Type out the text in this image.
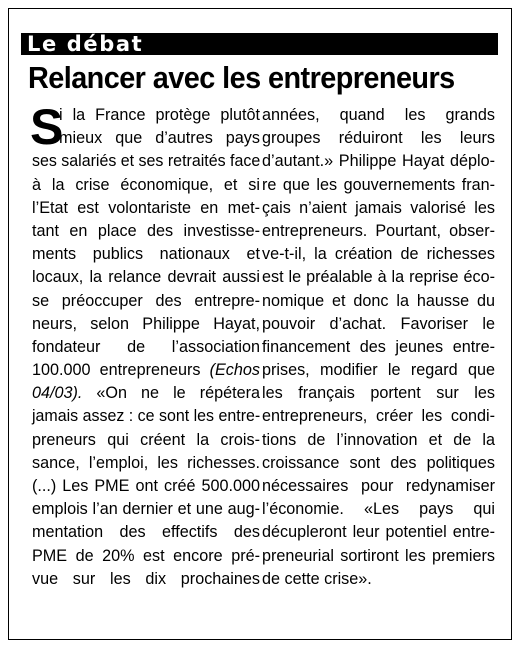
Le débat
Relancer avec les entrepreneurs
S
i la France protège plutôt
mieux que d’autres pays
ses salariés et ses retraités face
à la crise économique, et si
l’Etat est volontariste en met-
tant en place des investisse-
ments publics nationaux et
locaux, la relance devrait aussi
se préoccuper des entrepre-
neurs, selon Philippe Hayat,
fondateur de l’association
100.000 entrepreneurs (Echos
04/03). «On ne le répétera
jamais assez : ce sont les entre-
preneurs qui créent la crois-
sance, l’emploi, les richesses.
(...) Les PME ont créé 500.000
emplois l’an dernier et une aug-
mentation des effectifs des
PME de 20% est encore pré-
vue sur les dix prochaines
années, quand les grands
groupes réduiront les leurs
d’autant.» Philippe Hayat déplo-
re que les gouvernements fran-
çais n’aient jamais valorisé les
entrepreneurs. Pourtant, obser-
ve-t-il, la création de richesses
est le préalable à la reprise éco-
nomique et donc la hausse du
pouvoir d’achat. Favoriser le
financement des jeunes entre-
prises, modifier le regard que
les français portent sur les
entrepreneurs, créer les condi-
tions de l’innovation et de la
croissance sont des politiques
nécessaires pour redynamiser
l’économie. «Les pays qui
décupleront leur potentiel entre-
preneurial sortiront les premiers
de cette crise».
